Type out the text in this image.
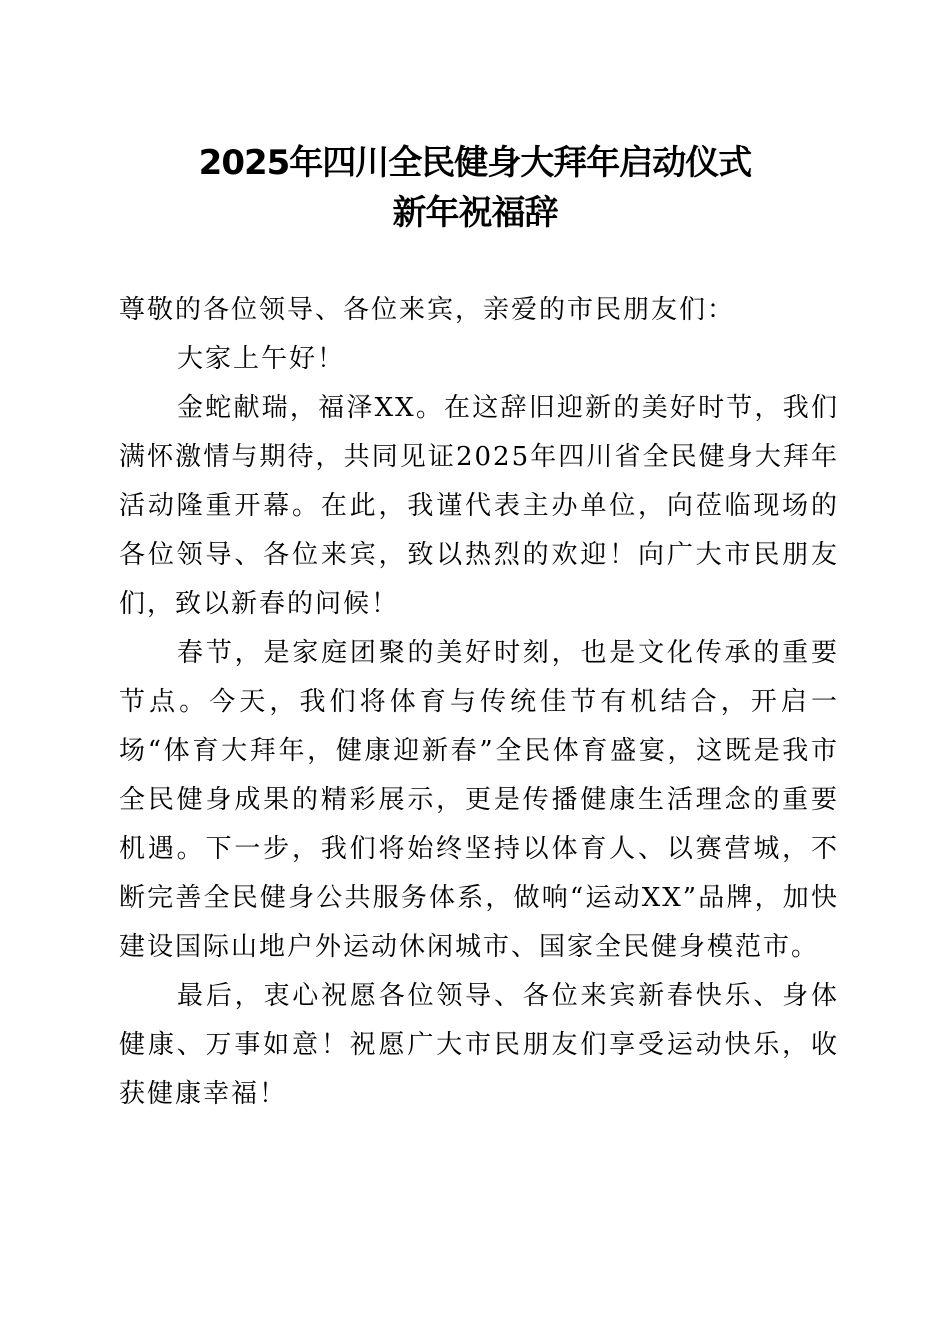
2025年四川全民健身大拜年启动仪式
新年祝福辞

尊敬的各位领导、各位来宾，亲爱的市民朋友们：

大家上午好！

金蛇献瑞，福泽XX。在这辞旧迎新的美好时节，我们满怀激情与期待，共同见证2025年四川省全民健身大拜年活动隆重开幕。在此，我谨代表主办单位，向莅临现场的各位领导、各位来宾，致以热烈的欢迎！向广大市民朋友们，致以新春的问候！

春节，是家庭团聚的美好时刻，也是文化传承的重要节点。今天，我们将体育与传统佳节有机结合，开启一场“体育大拜年，健康迎新春”全民体育盛宴，这既是我市全民健身成果的精彩展示，更是传播健康生活理念的重要机遇。下一步，我们将始终坚持以体育人、以赛营城，不断完善全民健身公共服务体系，做响“运动XX”品牌，加快建设国际山地户外运动休闲城市、国家全民健身模范市。

最后，衷心祝愿各位领导、各位来宾新春快乐、身体健康、万事如意！祝愿广大市民朋友们享受运动快乐，收获健康幸福！
